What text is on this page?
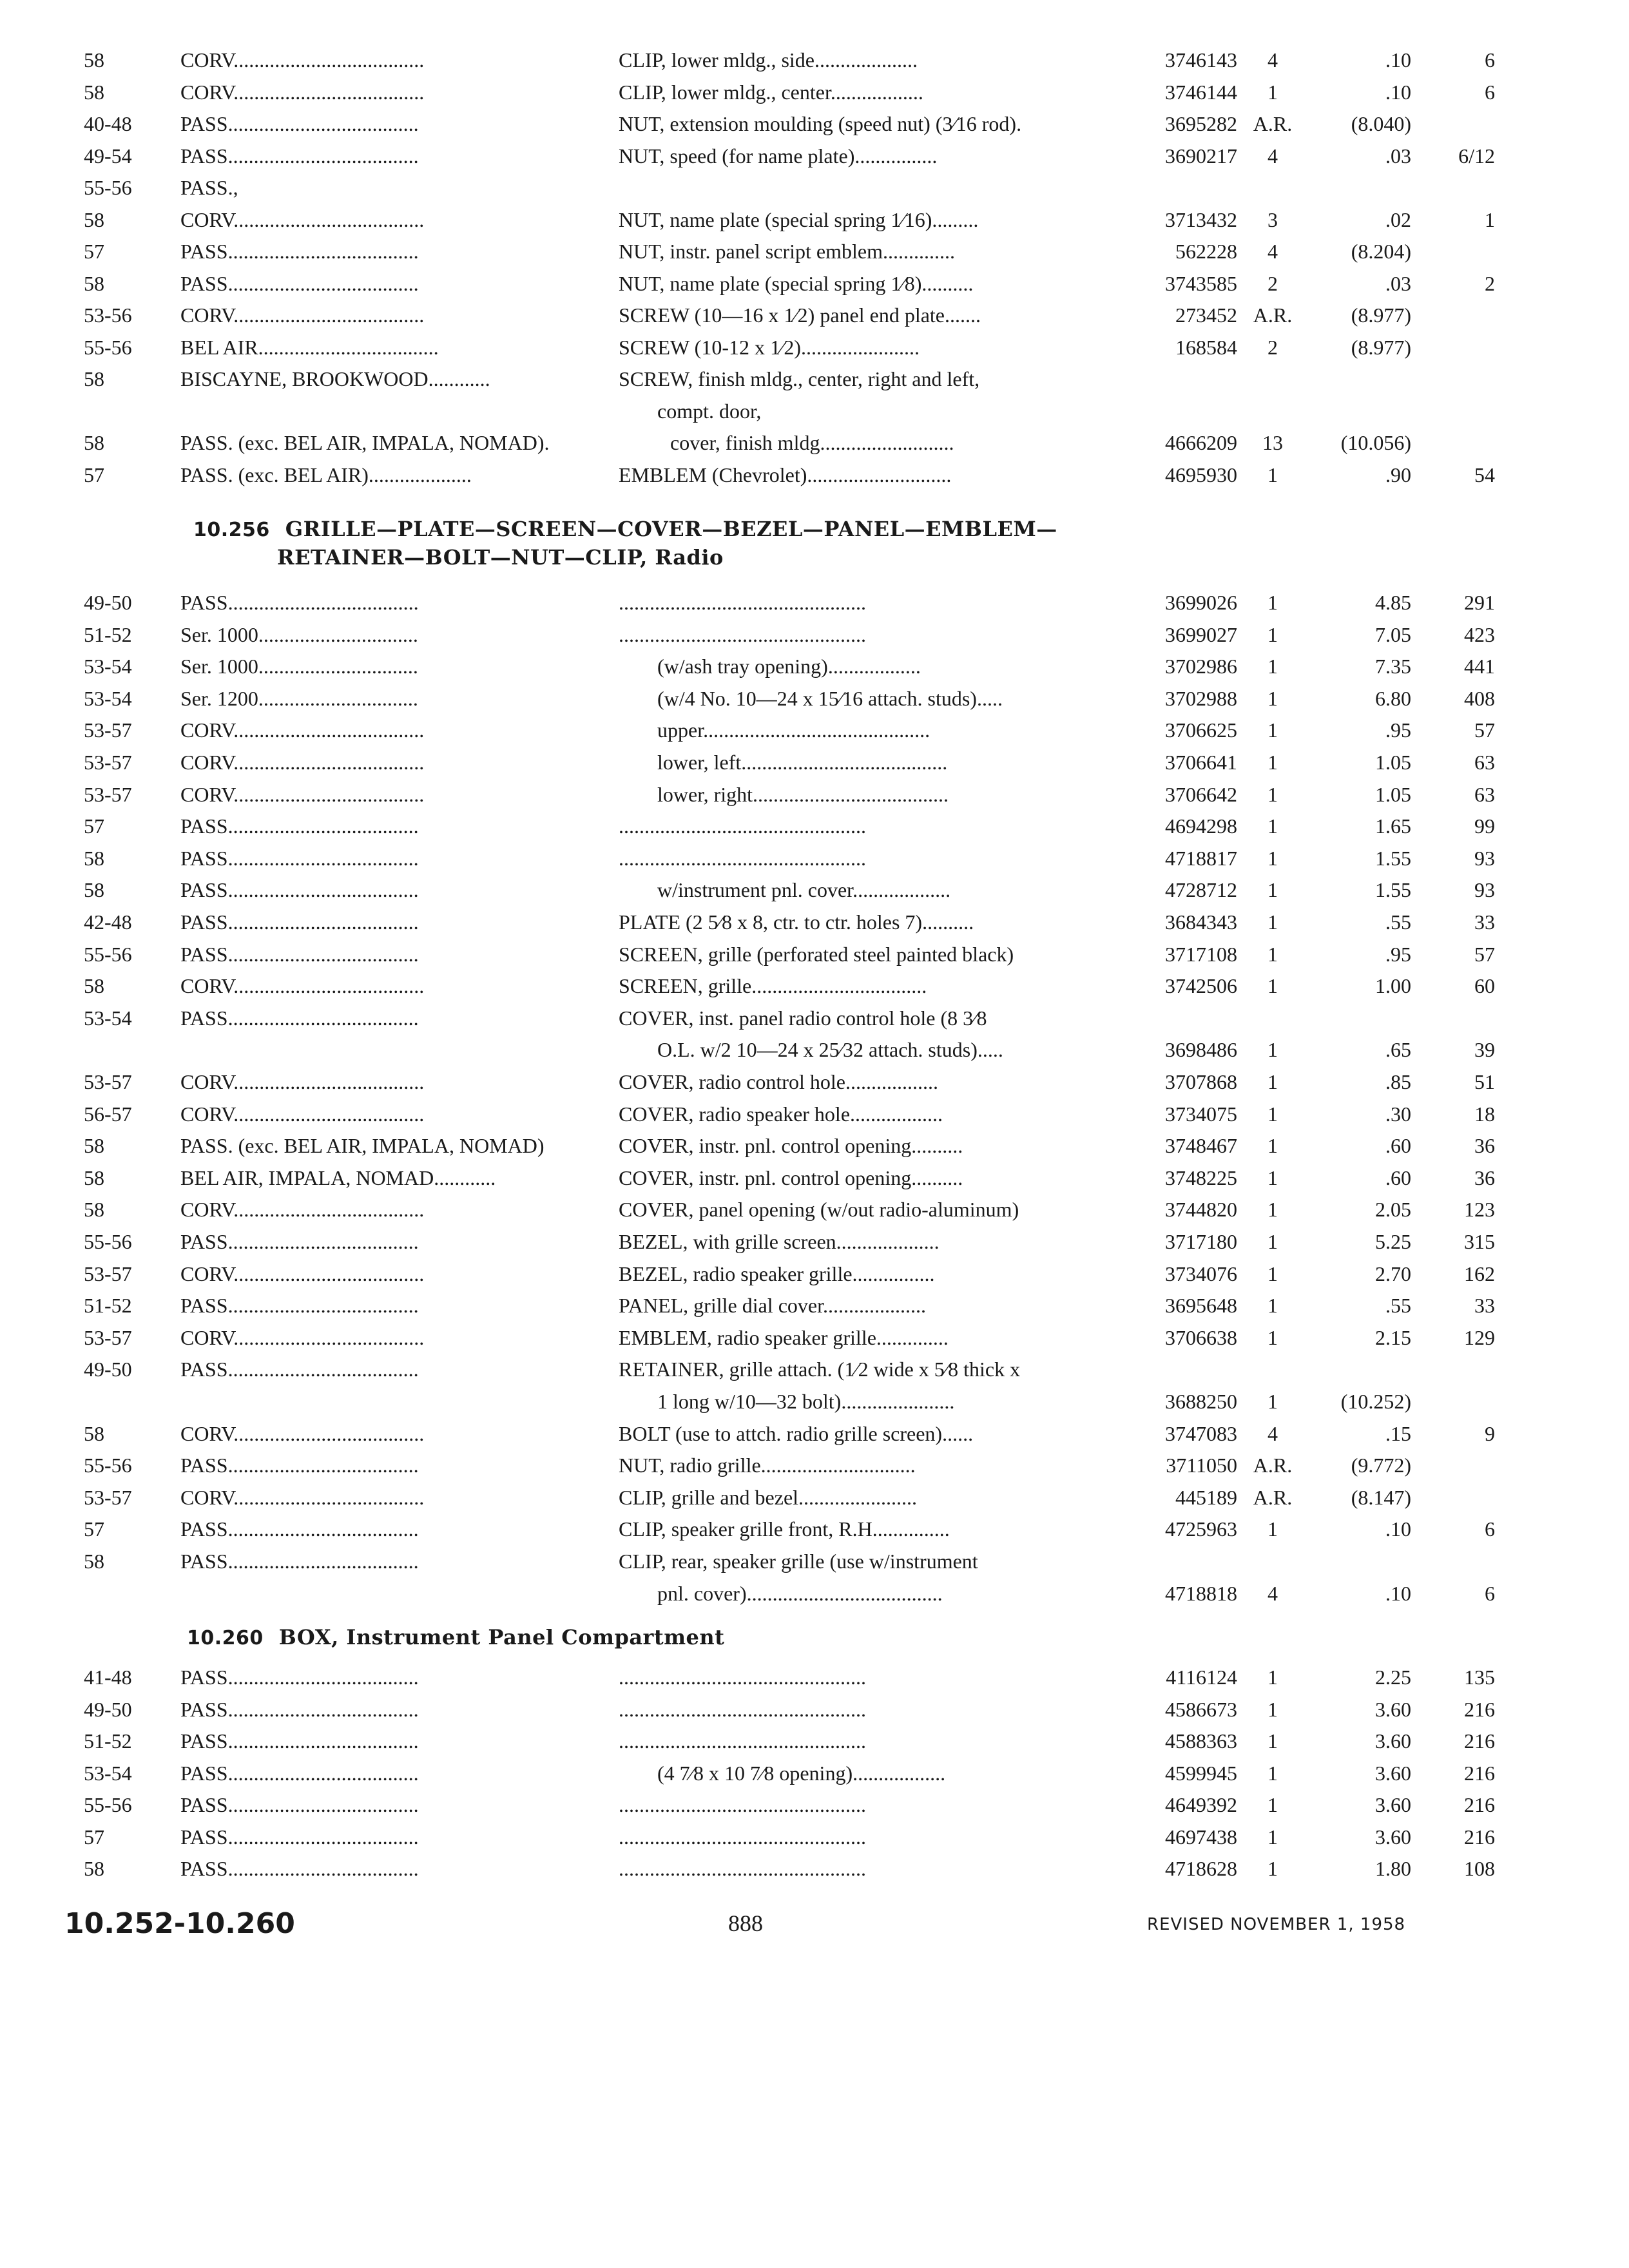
58	CORV.....................................	CLIP, lower mldg., side....................	3746143	4	.10	6
58	CORV.....................................	CLIP, lower mldg., center..................	3746144	1	.10	6
40-48	PASS.....................................	NUT, extension moulding (speed nut) (3⁄16 rod).	3695282 A.R.	(8.040)
49-54	PASS.....................................	NUT, speed (for name plate)................	3690217	4	.03	6/12
55-56	PASS.,
58	CORV.....................................	NUT, name plate (special spring 1⁄16).........	3713432	3	.02	1
57	PASS.....................................	NUT, instr. panel script emblem..............	562228	4	(8.204)
58	PASS.....................................	NUT, name plate (special spring 1⁄8)..........	3743585	2	.03	2
53-56	CORV.....................................	SCREW (10—16 x 1⁄2) panel end plate.......	273452 A.R.	(8.977)
55-56	BEL AIR...................................	SCREW (10-12 x 1⁄2).......................	168584	2	(8.977)
58	BISCAYNE, BROOKWOOD............	SCREW, finish mldg., center, right and left,
compt. door,
58	PASS. (exc. BEL AIR, IMPALA, NOMAD).	cover, finish mldg..........................	4666209	13	(10.056)
57	PASS. (exc. BEL AIR)....................	EMBLEM (Chevrolet)............................	4695930	1	.90	54
10.256 GRILLE—PLATE—SCREEN—COVER—BEZEL—PANEL—EMBLEM—
RETAINER—BOLT—NUT—CLIP, Radio
49-50	PASS.....................................	................................................	3699026	1	4.85	291
51-52	Ser. 1000...............................	................................................	3699027	1	7.05	423
53-54	Ser. 1000...............................	(w/ash tray opening)..................	3702986	1	7.35	441
53-54	Ser. 1200...............................	(w/4 No. 10—24 x 15⁄16 attach. studs).....	3702988	1	6.80	408
53-57	CORV.....................................	upper............................................	3706625	1	.95	57
53-57	CORV.....................................	lower, left........................................	3706641	1	1.05	63
53-57	CORV.....................................	lower, right......................................	3706642	1	1.05	63
57	PASS.....................................	................................................	4694298	1	1.65	99
58	PASS.....................................	................................................	4718817	1	1.55	93
58	PASS.....................................	w/instrument pnl. cover...................	4728712	1	1.55	93
42-48	PASS.....................................	PLATE (2 5⁄8 x 8, ctr. to ctr. holes 7)..........	3684343	1	.55	33
55-56	PASS.....................................	SCREEN, grille (perforated steel painted black)	3717108	1	.95	57
58	CORV.....................................	SCREEN, grille..................................	3742506	1	1.00	60
53-54	PASS.....................................	COVER, inst. panel radio control hole (8 3⁄8
O.L. w/2 10—24 x 25⁄32 attach. studs).....	3698486	1	.65	39
53-57	CORV.....................................	COVER, radio control hole..................	3707868	1	.85	51
56-57	CORV.....................................	COVER, radio speaker hole..................	3734075	1	.30	18
58	PASS. (exc. BEL AIR, IMPALA, NOMAD)	COVER, instr. pnl. control opening..........	3748467	1	.60	36
58	BEL AIR, IMPALA, NOMAD............	COVER, instr. pnl. control opening..........	3748225	1	.60	36
58	CORV.....................................	COVER, panel opening (w/out radio-aluminum)	3744820	1	2.05	123
55-56	PASS.....................................	BEZEL, with grille screen....................	3717180	1	5.25	315
53-57	CORV.....................................	BEZEL, radio speaker grille................	3734076	1	2.70	162
51-52	PASS.....................................	PANEL, grille dial cover....................	3695648	1	.55	33
53-57	CORV.....................................	EMBLEM, radio speaker grille..............	3706638	1	2.15	129
49-50	PASS.....................................	RETAINER, grille attach. (1⁄2 wide x 5⁄8 thick x
1 long w/10—32 bolt)......................	3688250	1	(10.252)
58	CORV.....................................	BOLT (use to attch. radio grille screen)......	3747083	4	.15	9
55-56	PASS.....................................	NUT, radio grille..............................	3711050 A.R.	(9.772)
53-57	CORV.....................................	CLIP, grille and bezel.......................	445189 A.R.	(8.147)
57	PASS.....................................	CLIP, speaker grille front, R.H...............	4725963	1	.10	6
58	PASS.....................................	CLIP, rear, speaker grille (use w/instrument
pnl. cover)......................................	4718818	4	.10	6
10.260 BOX, Instrument Panel Compartment
41-48	PASS.....................................	................................................	4116124	1	2.25	135
49-50	PASS.....................................	................................................	4586673	1	3.60	216
51-52	PASS.....................................	................................................	4588363	1	3.60	216
53-54	PASS.....................................	(4 7⁄8 x 10 7⁄8 opening)..................	4599945	1	3.60	216
55-56	PASS.....................................	................................................	4649392	1	3.60	216
57	PASS.....................................	................................................	4697438	1	3.60	216
58	PASS.....................................	................................................	4718628	1	1.80	108
10.252-10.260	888	REVISED NOVEMBER 1, 1958
